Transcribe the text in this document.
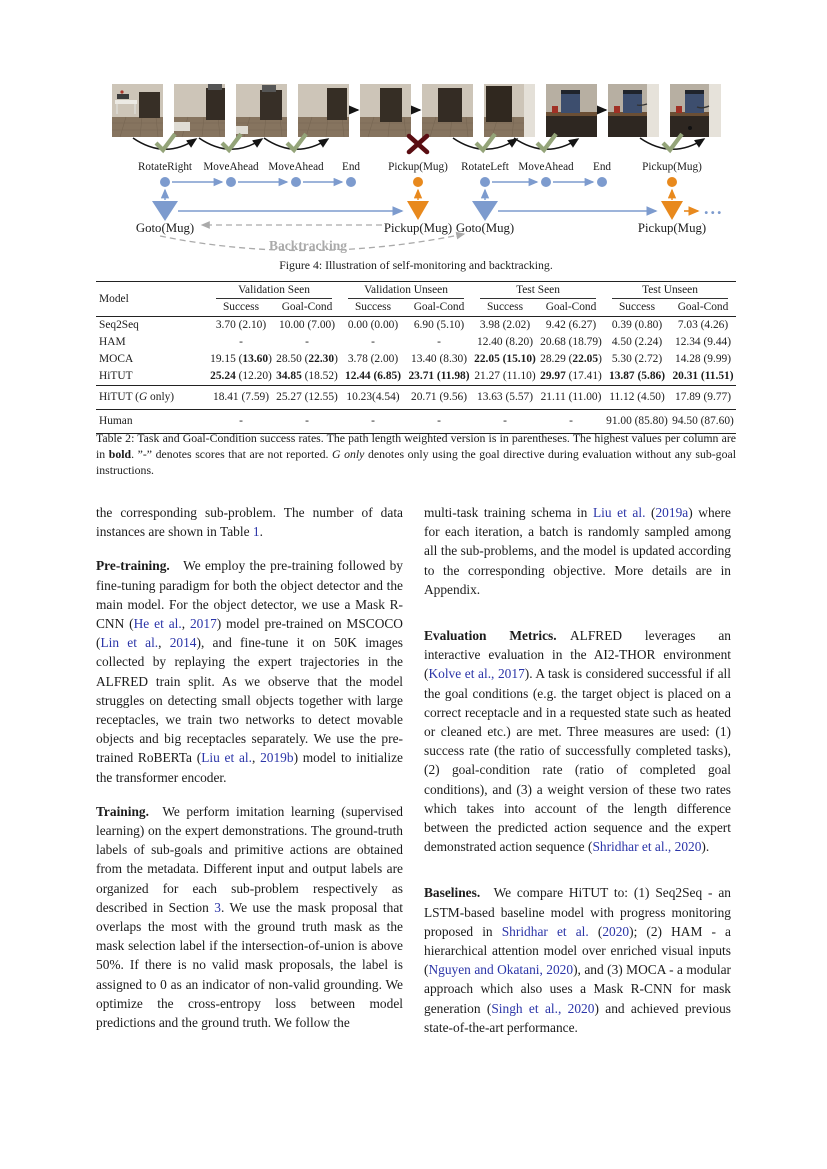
RotateRight MoveAhead MoveAhead End	Pickup(Mug) RotateLeft MoveAhead End	Pickup(Mug)
...
Goto(Mug)	Pickup(Mug) Goto(Mug)	Pickup(Mug)
Backtracking
Figure 4: Illustration of self-monitoring and backtracking.
Model	Validation Seen		Validation Unseen		Test Seen		Test Unseen	
	Success	Goal-Cond	Success	Goal-Cond	Success	Goal-Cond	Success	Goal-Cond
Seq2Seq	3.70 (2.10)	10.00 (7.00)	0.00 (0.00)	6.90 (5.10)	3.98 (2.02)	9.42 (6.27)	0.39 (0.80)	7.03 (4.26)
HAM	-	-	-	-	12.40 (8.20)	20.68 (18.79)	4.50 (2.24)	12.34 (9.44)
MOCA	19.15 (13.60)	28.50 (22.30)	3.78 (2.00)	13.40 (8.30)	22.05 (15.10)	28.29 (22.05)	5.30 (2.72)	14.28 (9.99)
HiTUT	25.24 (12.20)	34.85 (18.52)	12.44 (6.85)	23.71 (11.98)	21.27 (11.10)	29.97 (17.41)	13.87 (5.86)	20.31 (11.51)
HiTUT (G only)	18.41 (7.59)	25.27 (12.55)	10.23(4.54)	20.71 (9.56)	13.63 (5.57)	21.11 (11.00)	11.12 (4.50)	17.89 (9.77)
Human	-	-	-	-	-	-	91.00 (85.80)	94.50 (87.60)
Table 2: Task and Goal-Condition success rates. The path length weighted version is in parentheses. The highest values per column are in bold. ”-” denotes scores that are not reported. G only denotes only using the goal directive during evaluation without any sub-goal instructions.

the corresponding sub-problem. The number of data instances are shown in Table 1.

Pre-training. We employ the pre-training followed by fine-tuning paradigm for both the object detector and the main model. For the object detector, we use a Mask R-CNN (He et al., 2017) model pre-trained on MSCOCO (Lin et al., 2014), and fine-tune it on 50K images collected by replaying the expert trajectories in the ALFRED train split. As we observe that the model struggles on detecting small objects together with large receptacles, we train two networks to detect movable objects and big receptacles separately. We use the pre-trained RoBERTa (Liu et al., 2019b) model to initialize the transformer encoder.

Training. We perform imitation learning (supervised learning) on the expert demonstrations. The ground-truth labels of sub-goals and primitive actions are obtained from the metadata. Different input and output labels are organized for each sub-problem respectively as described in Section 3. We use the mask proposal that overlaps the most with the ground truth mask as the mask selection label if the intersection-of-union is above 50%. If there is no valid mask proposals, the label is assigned to 0 as an indicator of non-valid grounding. We optimize the cross-entropy loss between model predictions and the ground truth. We follow the

multi-task training schema in Liu et al. (2019a) where for each iteration, a batch is randomly sampled among all the sub-problems, and the model is updated according to the corresponding objective. More details are in Appendix.

Evaluation Metrics. ALFRED leverages an interactive evaluation in the AI2-THOR environment (Kolve et al., 2017). A task is considered successful if all the goal conditions (e.g. the target object is placed on a correct receptacle and in a requested state such as heated or cleaned etc.) are met. Three measures are used: (1) success rate (the ratio of successfully completed tasks), (2) goal-condition rate (ratio of completed goal conditions), and (3) a weight version of these two rates which takes into account of the length difference between the predicted action sequence and the expert demonstrated action sequence (Shridhar et al., 2020).

Baselines. We compare HiTUT to: (1) Seq2Seq - an LSTM-based baseline model with progress monitoring proposed in Shridhar et al. (2020); (2) HAM - a hierarchical attention model over enriched visual inputs (Nguyen and Okatani, 2020), and (3) MOCA - a modular approach which also uses a Mask R-CNN for mask generation (Singh et al., 2020) and achieved previous state-of-the-art performance.
